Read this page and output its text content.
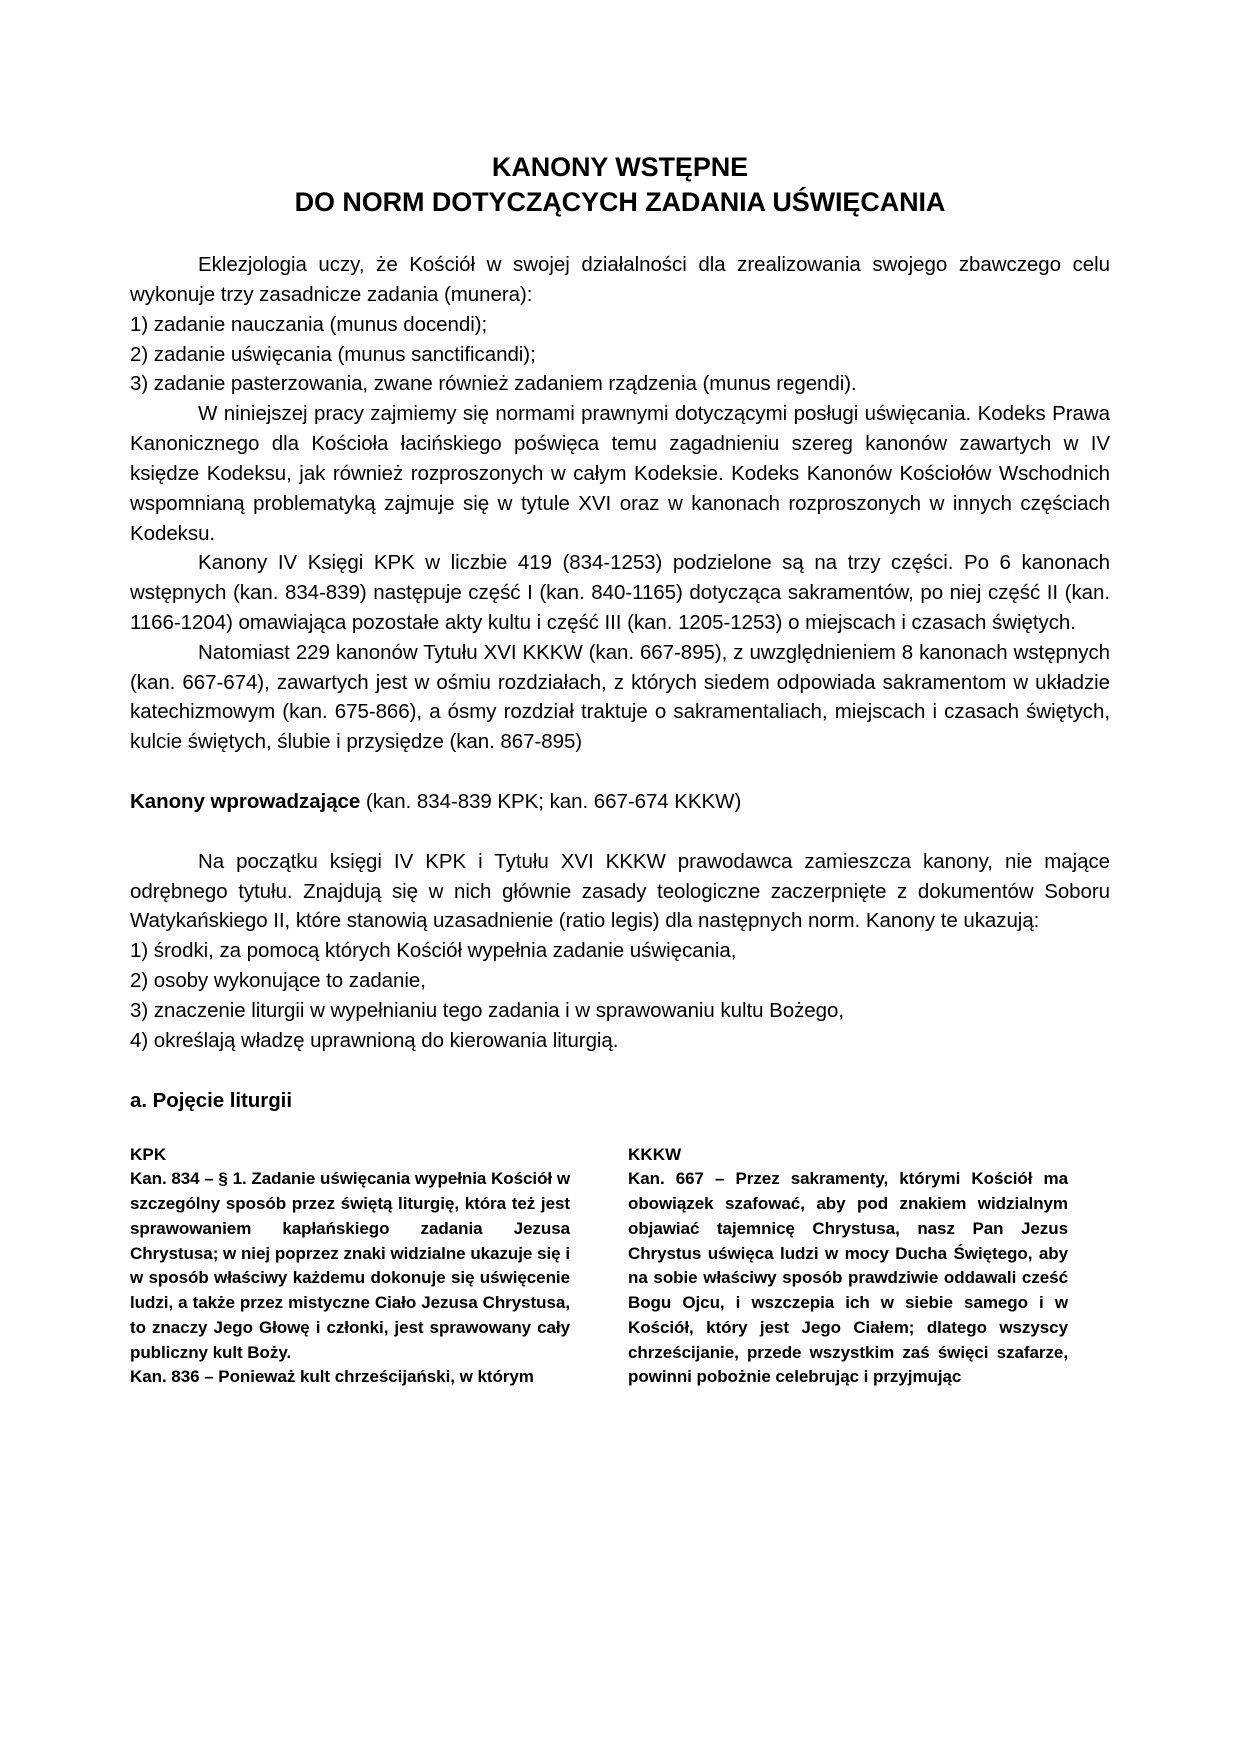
KANONY WSTĘPNE
DO NORM DOTYCZĄCYCH ZADANIA UŚWIĘCANIA

Eklezjologia uczy, że Kościół w swojej działalności dla zrealizowania swojego zbawczego celu wykonuje trzy zasadnicze zadania (munera):

1) zadanie nauczania (munus docendi);

2) zadanie uświęcania (munus sanctificandi);

3) zadanie pasterzowania, zwane również zadaniem rządzenia (munus regendi).

W niniejszej pracy zajmiemy się normami prawnymi dotyczącymi posługi uświęcania. Kodeks Prawa Kanonicznego dla Kościoła łacińskiego poświęca temu zagadnieniu szereg kanonów zawartych w IV księdze Kodeksu, jak również rozproszonych w całym Kodeksie. Kodeks Kanonów Kościołów Wschodnich wspomnianą problematyką zajmuje się w tytule XVI oraz w kanonach rozproszonych w innych częściach Kodeksu.

Kanony IV Księgi KPK w liczbie 419 (834-1253) podzielone są na trzy części. Po 6 kanonach wstępnych (kan. 834-839) następuje część I (kan. 840-1165) dotycząca sakramentów, po niej część II (kan. 1166-1204) omawiająca pozostałe akty kultu i część III (kan. 1205-1253) o miejscach i czasach świętych.

Natomiast 229 kanonów Tytułu XVI KKKW (kan. 667-895), z uwzględnieniem 8 kanonach wstępnych (kan. 667-674), zawartych jest w ośmiu rozdziałach, z których siedem odpowiada sakramentom w układzie katechizmowym (kan. 675-866), a ósmy rozdział traktuje o sakramentaliach, miejscach i czasach świętych, kulcie świętych, ślubie i przysiędze (kan. 867-895)

Kanony wprowadzające (kan. 834-839 KPK; kan. 667-674 KKKW)

Na początku księgi IV KPK i Tytułu XVI KKKW prawodawca zamieszcza kanony, nie mające odrębnego tytułu. Znajdują się w nich głównie zasady teologiczne zaczerpnięte z dokumentów Soboru Watykańskiego II, które stanowią uzasadnienie (ratio legis) dla następnych norm. Kanony te ukazują:

1) środki, za pomocą których Kościół wypełnia zadanie uświęcania,

2) osoby wykonujące to zadanie,

3) znaczenie liturgii w wypełnianiu tego zadania i w sprawowaniu kultu Bożego,

4) określają władzę uprawnioną do kierowania liturgią.

a. Pojęcie liturgii

KPK

Kan. 834 – § 1. Zadanie uświęcania wypełnia Kościół w szczególny sposób przez świętą liturgię, która też jest sprawowaniem kapłańskiego zadania Jezusa Chrystusa; w niej poprzez znaki widzialne ukazuje się i w sposób właściwy każdemu dokonuje się uświęcenie ludzi, a także przez mistyczne Ciało Jezusa Chrystusa, to znaczy Jego Głowę i członki, jest sprawowany cały publiczny kult Boży.

Kan. 836 – Ponieważ kult chrześcijański, w którym

KKKW

Kan. 667 – Przez sakramenty, którymi Kościół ma obowiązek szafować, aby pod znakiem widzialnym objawiać tajemnicę Chrystusa, nasz Pan Jezus Chrystus uświęca ludzi w mocy Ducha Świętego, aby na sobie właściwy sposób prawdziwie oddawali cześć Bogu Ojcu, i wszczepia ich w siebie samego i w Kościół, który jest Jego Ciałem; dlatego wszyscy chrześcijanie, przede wszystkim zaś święci szafarze, powinni pobożnie celebrując i przyjmując
